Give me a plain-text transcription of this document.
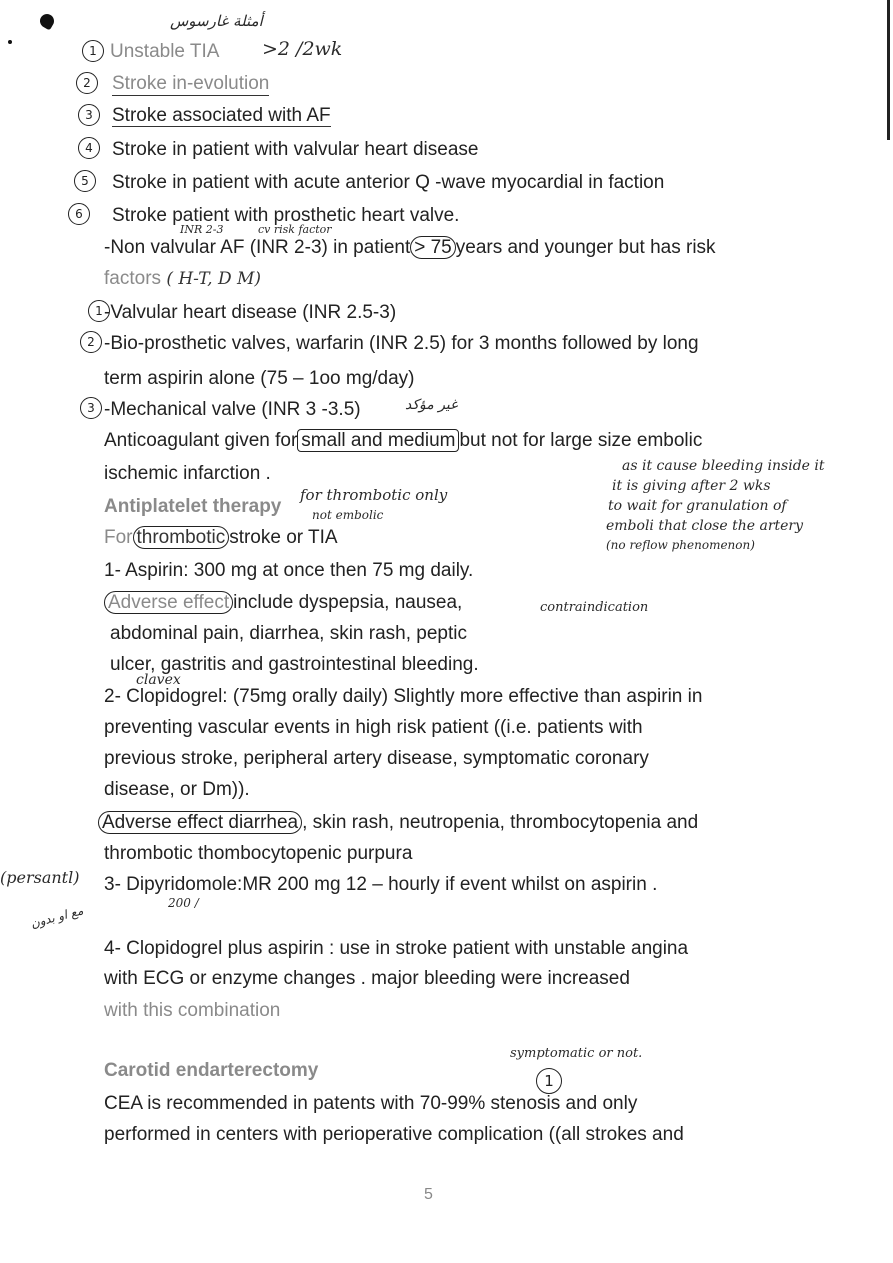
أمثلة غارسوس
>2 /2wk
1 Unstable TIA
2	Stroke in-evolution
3	Stroke associated with AF
4	Stroke in patient with valvular heart disease
5	Stroke in patient with acute anterior Q -wave myocardial in faction
6	Stroke patient with prosthetic heart valve.
INR 2-3	cv risk factor
-Non valvular AF (INR 2-3) in patient > 75 years and younger but has risk
factors ( H-T, D M)
1 -Valvular heart disease (INR 2.5-3)
2 -Bio-prosthetic valves, warfarin (INR 2.5) for 3 months followed by long
term aspirin alone (75 – 1oo mg/day)
3 -Mechanical valve (INR 3 -3.5)	غير مؤكد
Anticoagulant given for small and medium but not for large size embolic
ischemic infarction .	as it cause bleeding inside it
it is giving after 2 wks
to wait for granulation of
emboli that close the artery
(no reflow phenomenon)
Antiplatelet therapy
for thrombotic only
not embolic
For thrombotic stroke or TIA
1- Aspirin: 300 mg at once then 75 mg daily.
Adverse effect include dyspepsia, nausea,	contraindication
abdominal pain, diarrhea, skin rash, peptic
ulcer, gastritis and gastrointestinal bleeding.
clavex
2- Clopidogrel: (75mg orally daily) Slightly more effective than aspirin in
preventing vascular events in high risk patient ((i.e. patients with
previous stroke, peripheral artery disease, symptomatic coronary
disease, or Dm)).
Adverse effect diarrhea , skin rash, neutropenia, thrombocytopenia and
thrombotic thombocytopenic purpura
(persantl) 3- Dipyridomole:MR 200 mg 12 – hourly if event whilst on aspirin .
200 /
مع او بدون
4- Clopidogrel plus aspirin : use in stroke patient with unstable angina
with ECG or enzyme changes . major bleeding were increased
with this combination
symptomatic or not.
1
Carotid endarterectomy
CEA is recommended in patents with 70-99% stenosis and only
performed in centers with perioperative complication ((all strokes and
5
